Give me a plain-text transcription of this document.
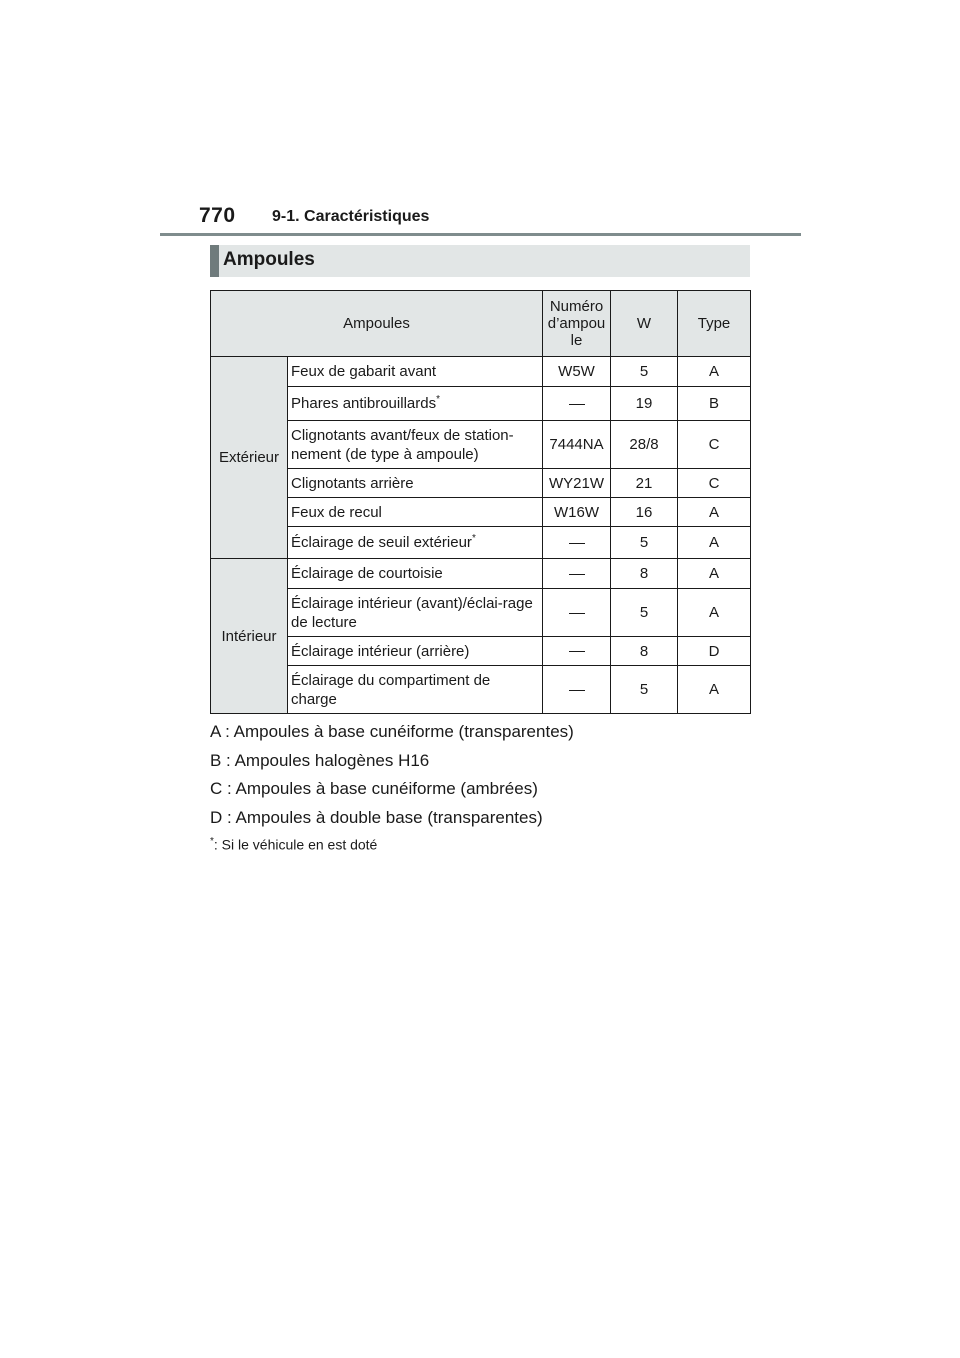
770 9-1. Caractéristiques
Ampoules
Ampoules		Numéro d’ampou le	W	Type
Extérieur	Feux de gabarit avant	W5W	5	A
	Phares antibrouillards*		19	B
	Clignotants avant/feux de station-nement (de type à ampoule)	7444NA	28/8	C
	Clignotants arrière	WY21W	21	C
	Feux de recul	W16W	16	A
	Éclairage de seuil extérieur*		5	A
Intérieur	Éclairage de courtoisie		8	A
	Éclairage intérieur (avant)/éclai-rage de lecture		5	A
	Éclairage intérieur (arrière)		8	D
	Éclairage du compartiment de charge		5	A
A : Ampoules à base cunéiforme (transparentes)
B : Ampoules halogènes H16
C : Ampoules à base cunéiforme (ambrées)
D : Ampoules à double base (transparentes)
*: Si le véhicule en est doté
